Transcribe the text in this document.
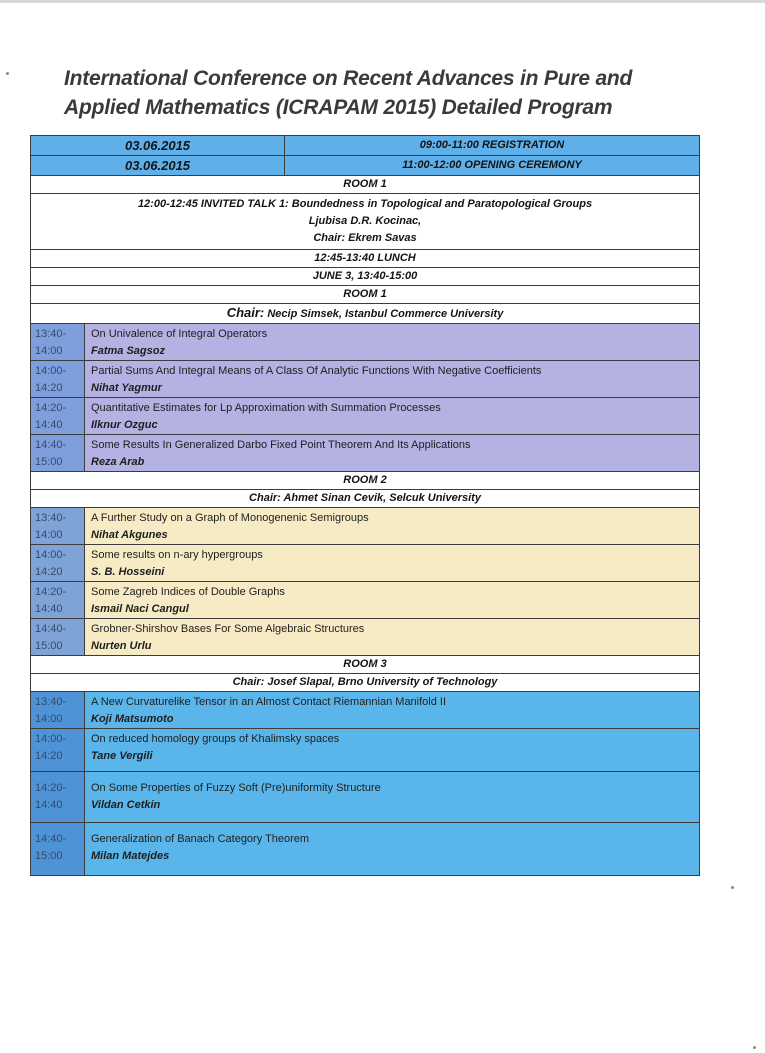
International Conference on Recent Advances in Pure and Applied Mathematics (ICRAPAM 2015) Detailed Program
03.06.2015		09:00-11:00 REGISTRATION
03.06.2015		11:00-12:00 OPENING CEREMONY
ROOM 1		

12:00-12:45 INVITED TALK 1: Boundedness in Topological and Paratopological Groups
Ljubisa D.R. Kocinac,
Chair: Ekrem Savas		

12:45-13:40 LUNCH		
JUNE 3, 13:40-15:00		
ROOM 1		
Chair: Necip Simsek, Istanbul Commerce University		
13:40- 14:00	On Univalence of Integral Operators
Fatma Sagsoz	

14:00- 14:20	Partial Sums And Integral Means of A Class Of Analytic Functions With Negative Coefficients
Nihat Yagmur	

14:20- 14:40	Quantitative Estimates for Lp Approximation with Summation Processes
Ilknur Ozguc	

14:40- 15:00	Some Results In Generalized Darbo Fixed Point Theorem And Its Applications
Reza Arab	

ROOM 2		
Chair: Ahmet Sinan Cevik, Selcuk University		
13:40- 14:00	A Further Study on a Graph of Monogenenic Semigroups
Nihat Akgunes	

14:00- 14:20	Some results on n-ary hypergroups
S. B. Hosseini	

14:20- 14:40	Some Zagreb Indices of Double Graphs
Ismail Naci Cangul	

14:40- 15:00	Grobner-Shirshov Bases For Some Algebraic Structures
Nurten Urlu	

ROOM 3		
Chair: Josef Slapal, Brno University of Technology		
13:40- 14:00	A New Curvaturelike Tensor in an Almost Contact Riemannian Manifold II
Koji Matsumoto	

14:00- 14:20	On reduced homology groups of Khalimsky spaces
Tane Vergili	

14:20- 14:40	On Some Properties of Fuzzy Soft (Pre)uniformity Structure
Vildan Cetkin	

14:40- 15:00	Generalization of Banach Category Theorem
Milan Matejdes	
